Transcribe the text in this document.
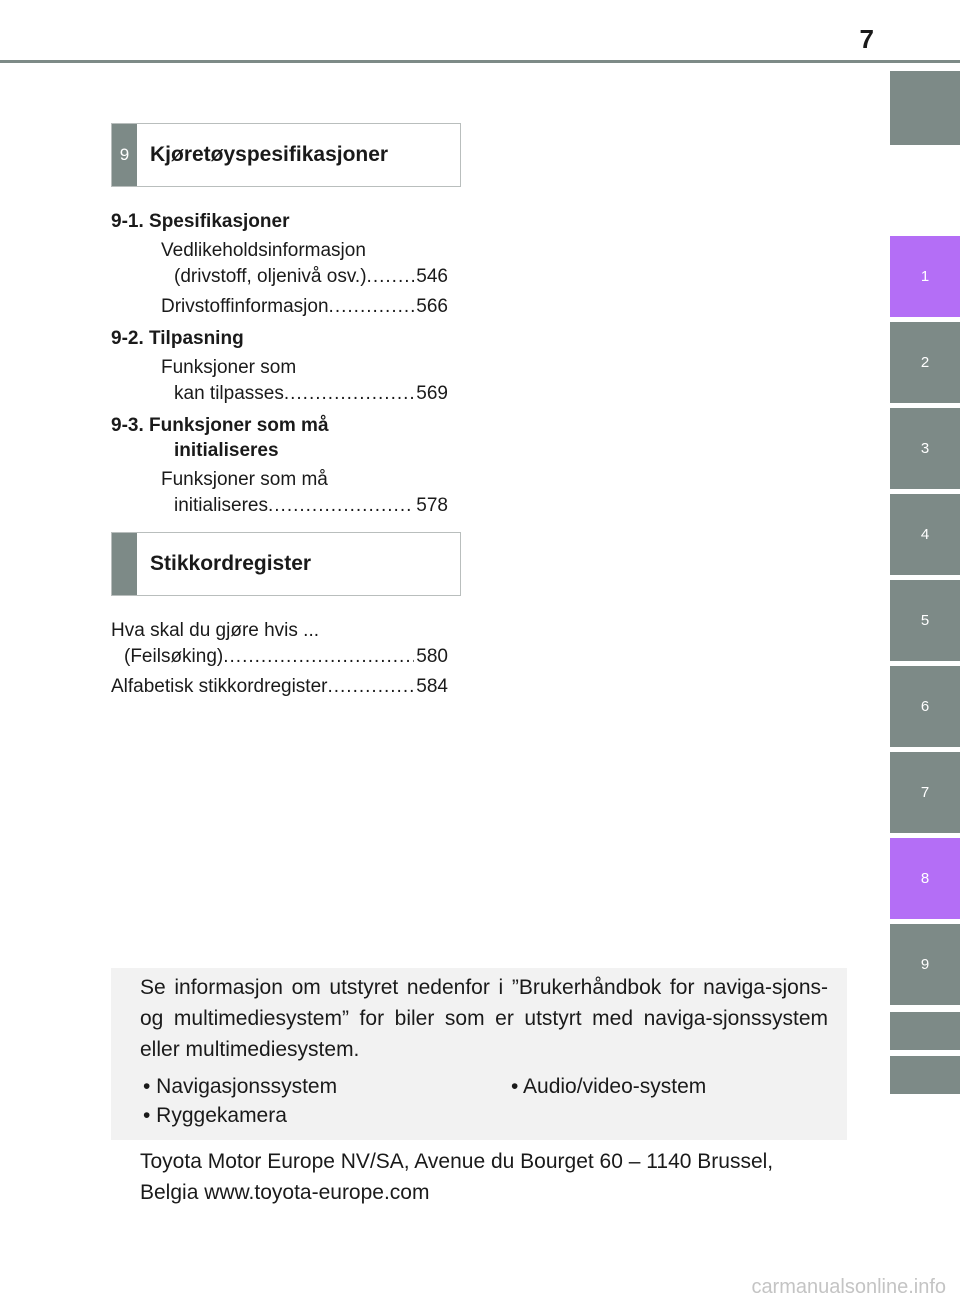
7
1
2
3
4
5
6
7
8
9
9 Kjøretøyspesifikasjoner
9-1. Spesifikasjoner
Vedlikeholdsinformasjon
(drivstoff, oljenivå osv.) .....	546
Drivstoffinformasjon .....	566
9-2. Tilpasning
Funksjoner som
kan tilpasses .....	569
9-3. Funksjoner som må
initialiseres
Funksjoner som må
initialiseres .....	578
Stikkordregister
Hva skal du gjøre hvis ...
(Feilsøking) .....	580
Alfabetisk stikkordregister .....	584
Se informasjon om utstyret nedenfor i ”Brukerhåndbok for naviga-sjons- og multimediesystem” for biler som er utstyrt med naviga-sjonssystem eller multimediesystem.
• Navigasjonssystem	• Audio/video-system
• Ryggekamera
Toyota Motor Europe NV/SA, Avenue du Bourget 60 – 1140 Brussel, Belgia www.toyota-europe.com
carmanualsonline.info
